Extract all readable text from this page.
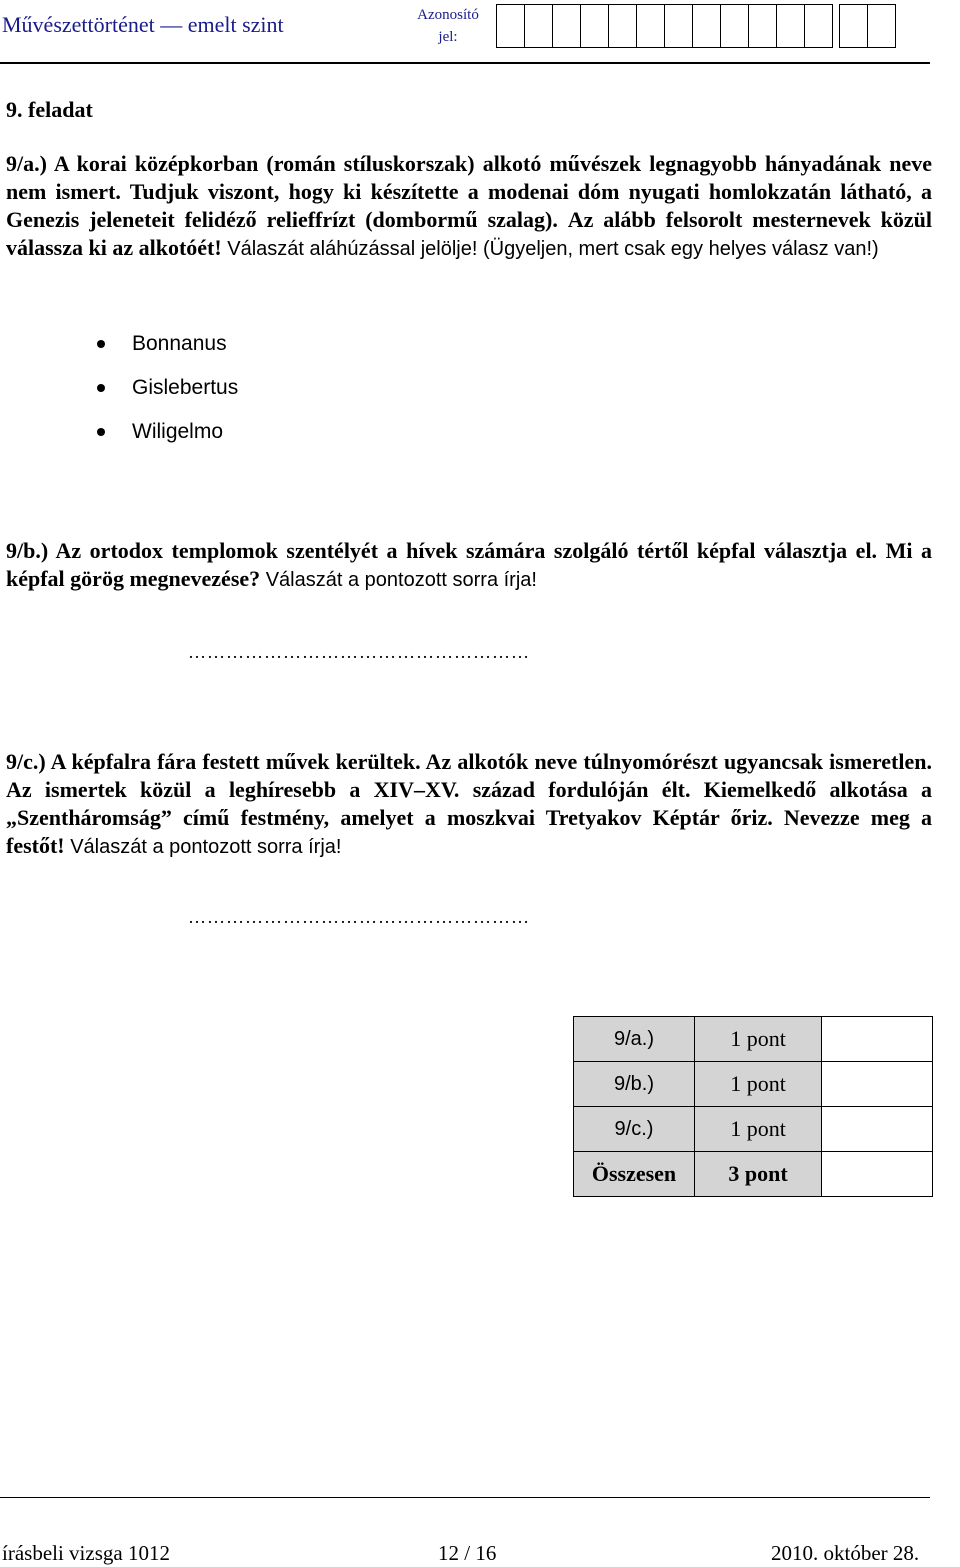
Művészettörténet — emelt szint	Azonosító
jel:
9. feladat
9/a.) A korai középkorban (román stíluskorszak) alkotó művészek legnagyobb hányadának neve nem ismert. Tudjuk viszont, hogy ki készítette a modenai dóm nyugati homlokzatán látható, a Genezis jeleneteit felidéző relieffrízt (dombormű szalag). Az alább felsorolt mesternevek közül válassza ki az alkotóét! Válaszát aláhúzással jelölje! (Ügyeljen, mert csak egy helyes válasz van!)
Bonnanus
Gislebertus
Wiligelmo
9/b.) Az ortodox templomok szentélyét a hívek számára szolgáló tértől képfal választja el. Mi a képfal görög megnevezése? Válaszát a pontozott sorra írja!
………………………………………………
9/c.) A képfalra fára festett művek kerültek. Az alkotók neve túlnyomórészt ugyancsak ismeretlen. Az ismertek közül a leghíresebb a XIV–XV. század fordulóján élt. Kiemelkedő alkotása a „Szentháromság” című festmény, amelyet a moszkvai Tretyakov Képtár őriz. Nevezze meg a festőt! Válaszát a pontozott sorra írja!
………………………………………………
9/a.)	1 pont	
9/b.)	1 pont	
9/c.)	1 pont	
Összesen	3 pont	
írásbeli vizsga 1012	12 / 16	2010. október 28.
